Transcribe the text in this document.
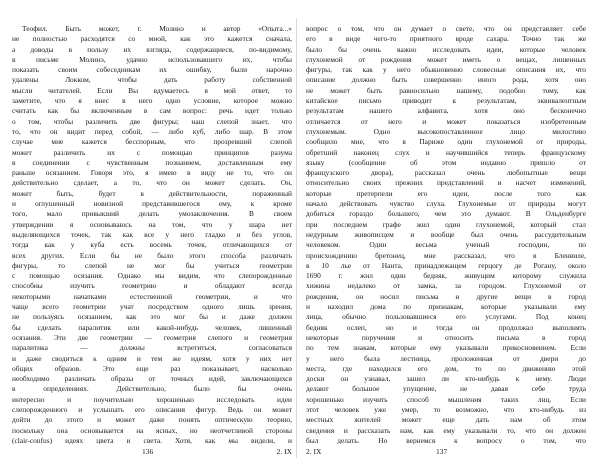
Теофил. Быть может, г. Молинэ и автор «Опыта...»
не полностью расходятся со мной, как это кажется сначала,
а доводы в пользу их взгляда, содержащиеся, по-видимому,
в письме Молинэ, удачно использовавшего их, чтобы
показать своим собеседникам их ошибку, были нарочно
удалены Локком, чтобы дать работу собственной
мысли читателей. Если Вы вдумаетесь в мой ответ, то
заметите, что я внес в него одно условие, которое можно
считать как бы включенным в сам вопрос: речь идет только
о том, чтобы различить две фигуры; наш слепой знает, что
то, что он видит перед собой, — либо куб, либо шар. В этом
случае мне кажется бесспорным, что прозревший слепой
может различить их с помощью принципов разума
в соединении с чувственным познанием, доставленным ему
раньше осязанием. Говоря это, я имею в виду не то, что он
действительно сделает, а то, что он может сделать. Он,
может быть, будет в действительности, пораженный
и оглушенный новизной представившегося ему, к кроме
того, мало привыкший делать умозаключения. В своем
утверждении я основываюсь на том, что у шара нет
выделяющихся точек, так как все у него гладко и без углов,
тогда как у куба есть восемь точек, отличающихся от
всех других. Если бы не было этого способа различать
фигуры, то слепой не мог бы учиться геометрии
с помощью осязания. Однако мы видим, что слепорожденные
способны изучить геометрию и обладают всегда
некоторыми начатками естественной геометрии, и что
чаще всего геометрии учат посредством одного лишь зрения,
не пользуясь осязанием, как это мог бы и даже должен
бы сделать паралитик или какой-нибудь человек, лишенный
осязания. Эти две геометрии — геометрия слепого и геометрия
паралитика — должны встретиться, согласоваться
и даже сводиться к одним и тем же идеям, хотя у них нет
общих образов. Это еще раз показывает, насколько
необходимо различать образы от точных идей, заключающихся
в определениях. Действительно, было бы очень
интересно и поучительно хорошенько исследовать идеи
слепорожденного и услышать его описания фигур. Ведь он может
дойти до этого и может даже понять оптическую теорию,
поскольку она основывается на ясных, но неотчетливой стороны
(clair-confus) идеях цвета и света. Хотя, как мы видели, и
вопрос о том, что он думает о свете, что он представляет себе
его в виде чего-то приятного вроде сахара. Точно так же
было бы очень важно исследовать идеи, которые человек
глухонемой от рождения может иметь о вещах, лишенных
фигуры, так как у него обыкновенно словесные описания их, что
описание должно быть совершенно иного рода, хотя оно
не может быть равносильно нашему, подобно тому, как
китайское письмо приводит к результатам, эквивалентным
результатам нашего алфавита, хотя оно бесконечно
отличается от него и может показаться изобретенным
глухонемым. Одно высокопоставленное лицо милостиво
сообщило мне, что в Париже один глухонемой от природы,
обретший наконец слух и научившийся теперь французскому
языку (сообщение об этом недавно пришло от
французского двора), рассказал очень любопытные вещи
относительно своих прежних представлений и насчет изменений,
которые претерпели его идеи, после того как
начало действовать чувство слуха. Глухонемые от природы могут
добиться гораздо большего, чем это думают. В Ольденбурге
при последнем графе жил один глухонемой, который стал
недурным живописцем и вообще был очень рассудительным
человеком. Один весьма ученый господин, по
происхождению бретонец, мне рассказал, что в Бленвиле,
в 10 лье от Нанта, принадлежащем герцогу де Рогану, около
1690 г. жил один бедняк, живущим которому служила
хижина недалеко от замка, за городом. Глухонемой от
рождения, он носил письма и другие вещи в город
и находил дома по признакам, которые указывали ему
лица, обычно пользовавшиеся его услугами. Под конец
бедняк ослеп, но и тогда он продолжал выполнять
некоторые поручения и относить письма в город
по тем знакам, которые ему указывали прикосновением. Если
у него была лестница, проложенная от двери до
места, где находился его дом, то по движению этой
доски он узнавал, зашел ли кто-нибудь к нему. Люди
делают большое упущение, не давая себе труда
хорошенько изучить способ мышления таких лиц. Если
этот человек уже умер, то возможно, что кто-нибудь из
местных жителей может еще дать нам об этом
сведения и рассказать нам, как ему указывали то, что он должен
был делать. Но вернемся к вопросу о том, что
136	2. IX 2. IX	137
